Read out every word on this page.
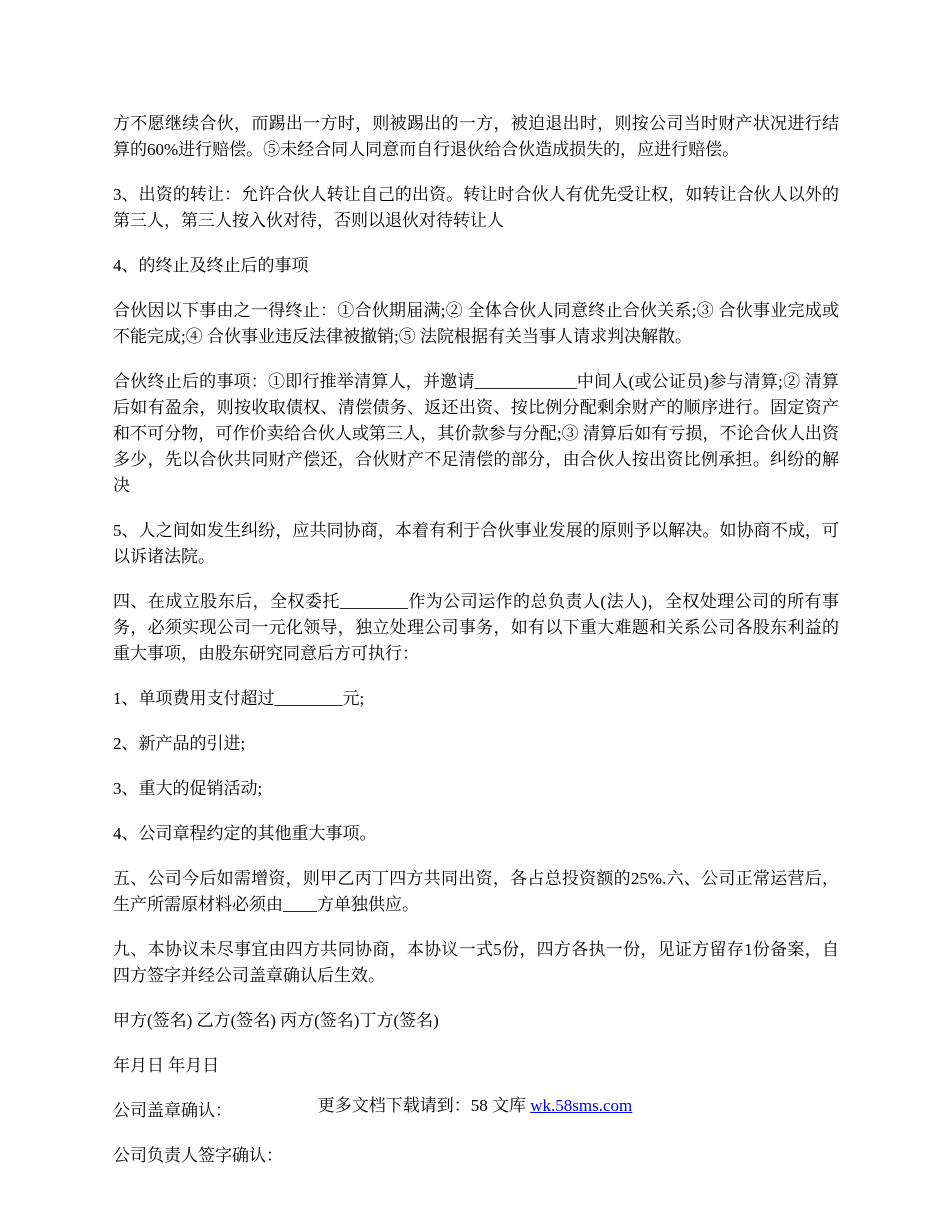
方不愿继续合伙，而踢出一方时，则被踢出的一方，被迫退出时，则按公司当时财产状况进行结算的60%进行赔偿。⑤未经合同人同意而自行退伙给合伙造成损失的，应进行赔偿。

3、出资的转让：允许合伙人转让自己的出资。转让时合伙人有优先受让权，如转让合伙人以外的第三人，第三人按入伙对待，否则以退伙对待转让人

4、的终止及终止后的事项

合伙因以下事由之一得终止：①合伙期届满;② 全体合伙人同意终止合伙关系;③ 合伙事业完成或不能完成;④ 合伙事业违反法律被撤销;⑤ 法院根据有关当事人请求判决解散。

合伙终止后的事项：①即行推举清算人，并邀请____________中间人(或公证员)参与清算;② 清算后如有盈余，则按收取债权、清偿债务、返还出资、按比例分配剩余财产的顺序进行。固定资产和不可分物，可作价卖给合伙人或第三人，其价款参与分配;③ 清算后如有亏损，不论合伙人出资多少，先以合伙共同财产偿还，合伙财产不足清偿的部分，由合伙人按出资比例承担。纠纷的解决

5、人之间如发生纠纷，应共同协商，本着有利于合伙事业发展的原则予以解决。如协商不成，可以诉诸法院。

四、在成立股东后，全权委托________作为公司运作的总负责人(法人)，全权处理公司的所有事务，必须实现公司一元化领导，独立处理公司事务，如有以下重大难题和关系公司各股东利益的重大事项，由股东研究同意后方可执行：

1、单项费用支付超过________元;

2、新产品的引进;

3、重大的促销活动;

4、公司章程约定的其他重大事项。

五、公司今后如需增资，则甲乙丙丁四方共同出资，各占总投资额的25%.六、公司正常运营后，生产所需原材料必须由____方单独供应。

九、本协议未尽事宜由四方共同协商，本协议一式5份，四方各执一份，见证方留存1份备案，自四方签字并经公司盖章确认后生效。

甲方(签名) 乙方(签名) 丙方(签名)丁方(签名)

年月日 年月日

公司盖章确认：

公司负责人签字确认：

更多文档下载请到：58 文库 wk.58sms.com
